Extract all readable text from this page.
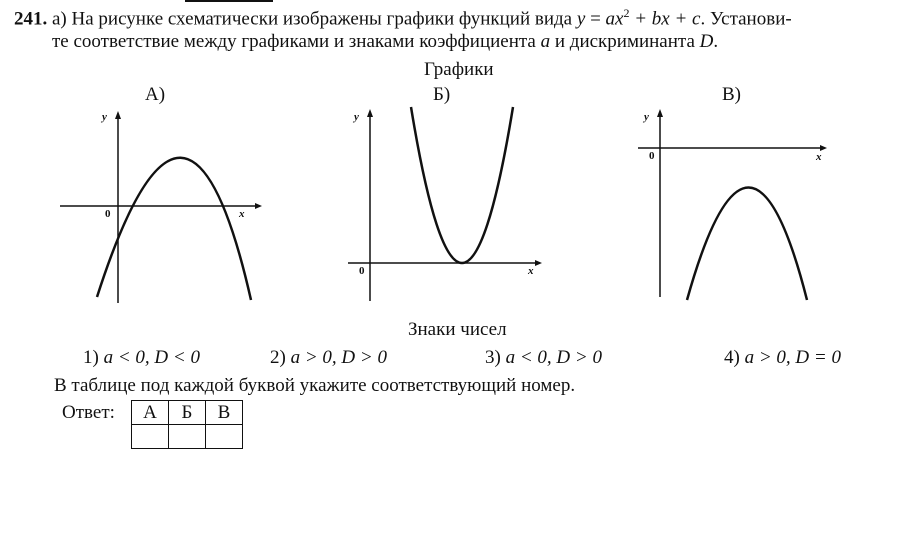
241. а) На рисунке схематически изображены графики функций вида $y = ax^2$ + bx + c. Установи-
те соответствие между графиками и знаками коэффициента a и дискриминанта D.
Графики
А)
x
y
0
Б)
x
y
0
В)
x
y
0
Знаки чисел
1) a < 0, D < 0	2) a > 0, D > 0	3) a < 0, D > 0	4) a > 0, D = 0
В таблице под каждой буквой укажите соответствующий номер.
Ответ: А	Б	В
